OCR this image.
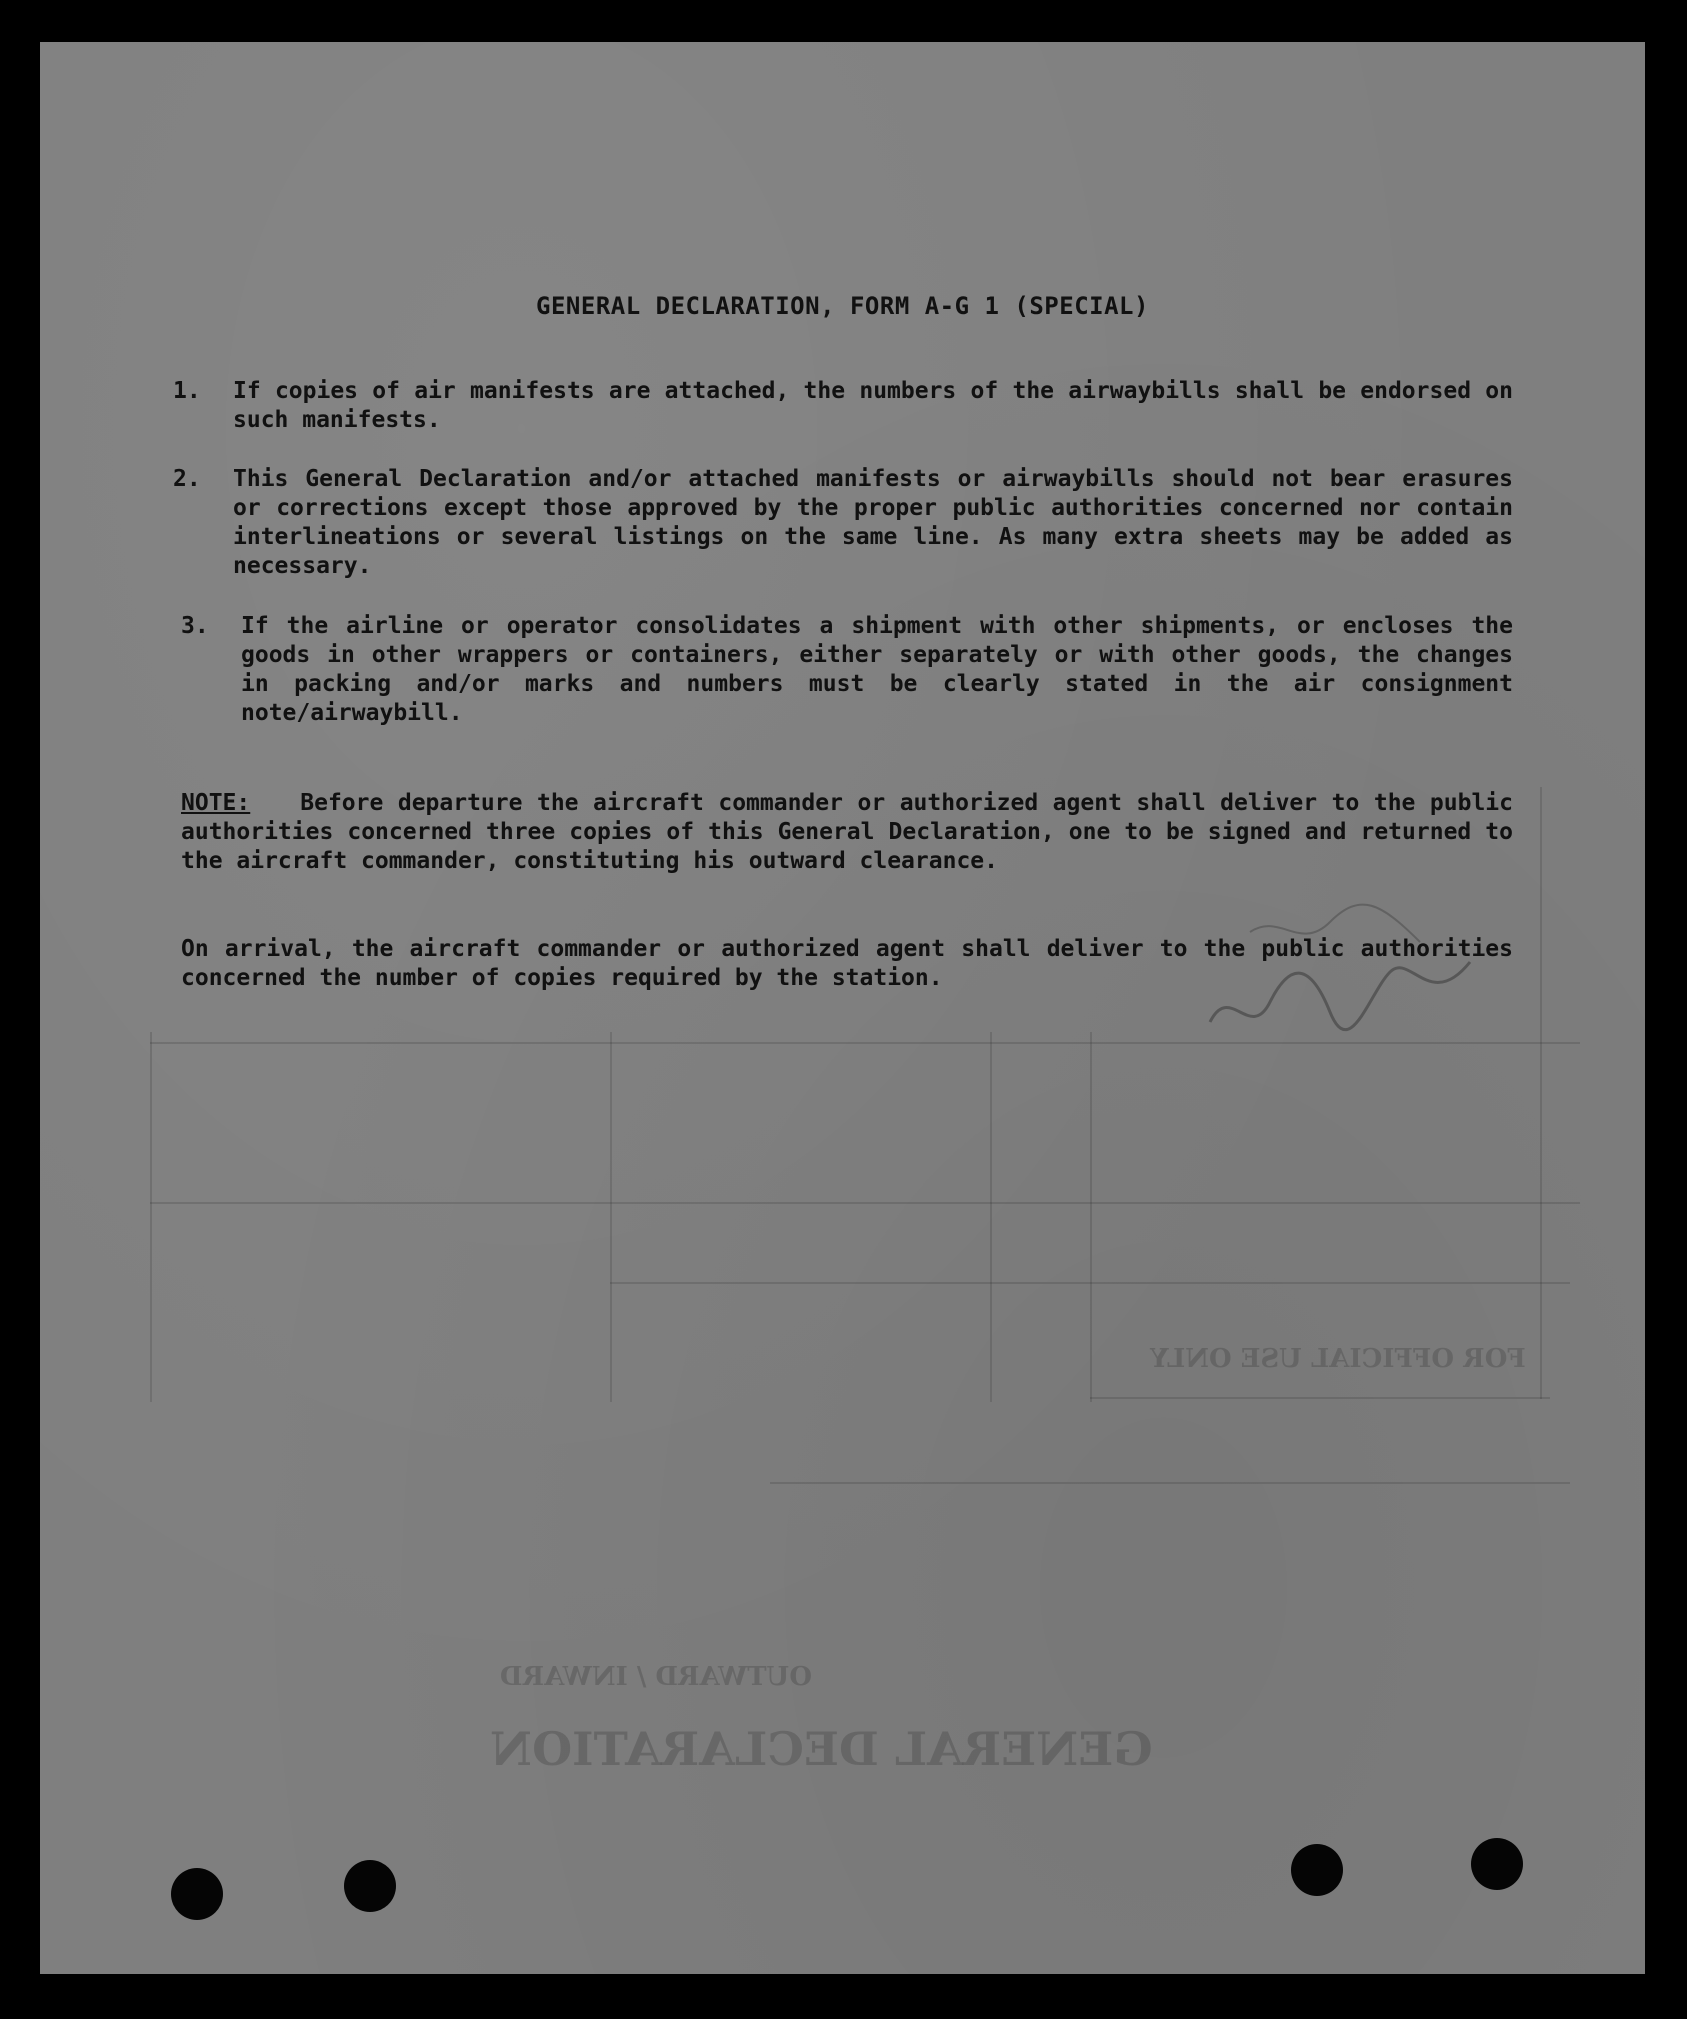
GENERAL DECLARATION
OUTWARD / INWARD
FOR OFFICIAL USE ONLY
GENERAL DECLARATION, FORM A-G 1 (SPECIAL)
1.	If copies of air manifests are attached, the numbers of the airwaybills shall be endorsed on such manifests.
2.	This General Declaration and/or attached manifests or airwaybills should not bear erasures or corrections except those approved by the proper public authorities concerned nor contain interlineations or several listings on the same line. As many extra sheets may be added as necessary.
3.	If the airline or operator consolidates a shipment with other shipments, or encloses the goods in other wrappers or containers, either separately or with other goods, the changes in packing and/or marks and numbers must be clearly stated in the air consignment note/airwaybill.
NOTE: Before departure the aircraft commander or authorized agent shall deliver to the public authorities concerned three copies of this General Declaration, one to be signed and returned to the aircraft commander, constituting his outward clearance.
On arrival, the aircraft commander or authorized agent shall deliver to the public authorities concerned the number of copies required by the station.
